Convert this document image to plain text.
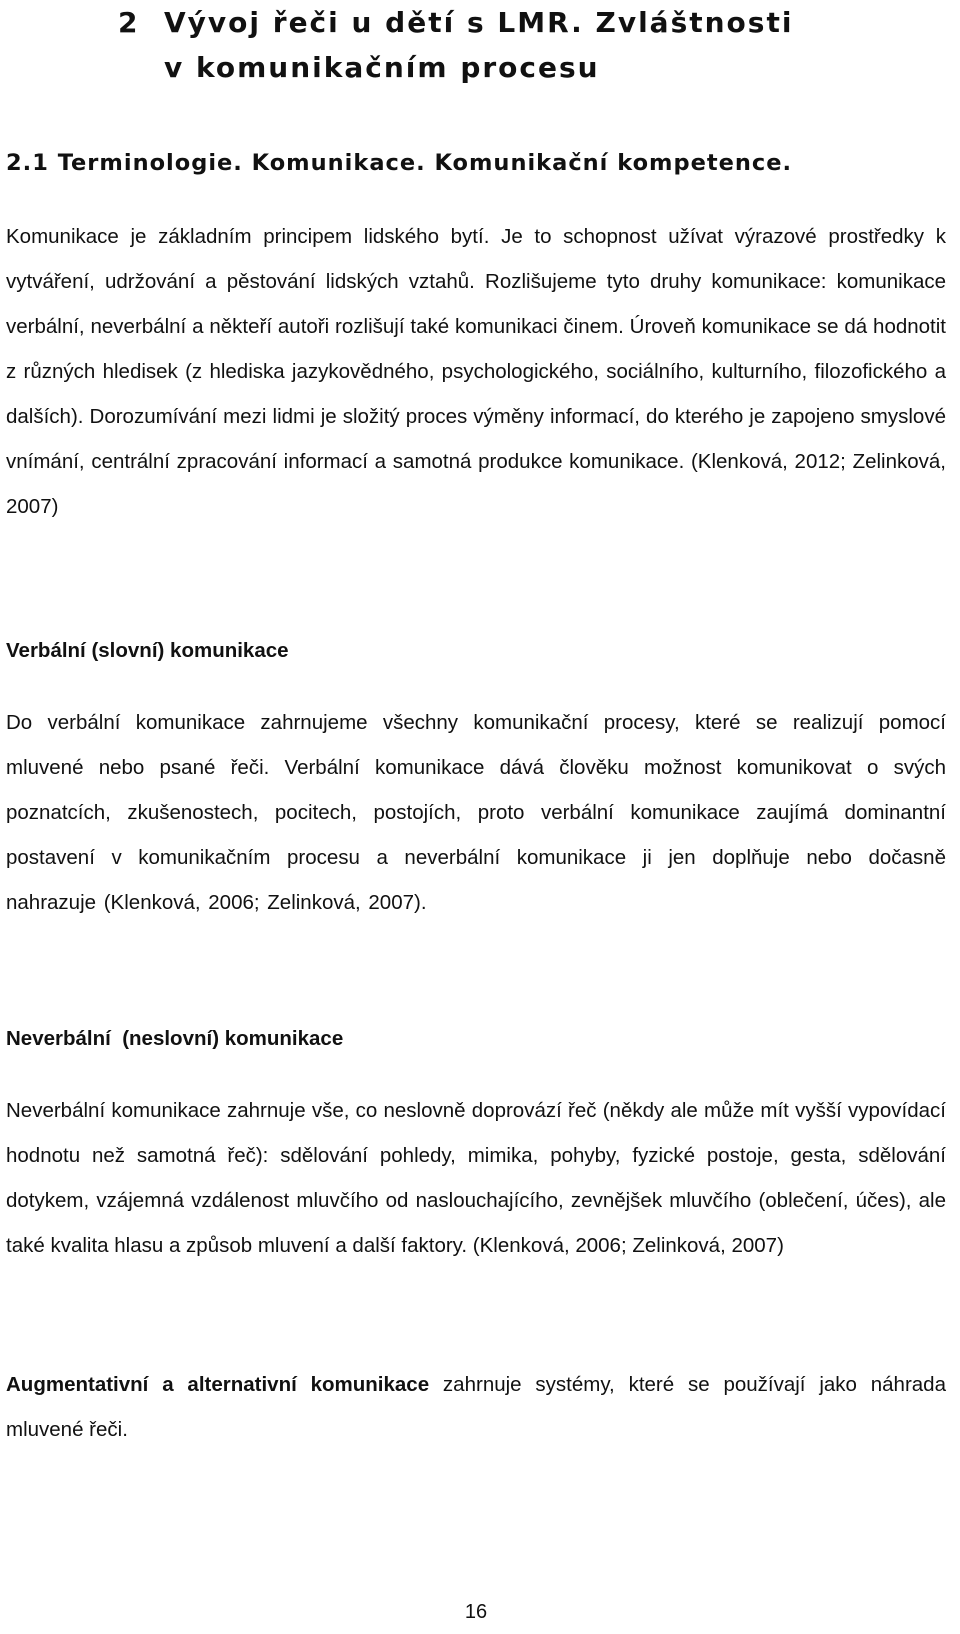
2 Vývoj řeči u dětí s LMR. Zvláštnosti
v komunikačním procesu
2.1 Terminologie. Komunikace. Komunikační kompetence.

Komunikace je základním principem lidského bytí. Je to schopnost užívat výrazové prostředky k vytváření, udržování a pěstování lidských vztahů. Rozlišujeme tyto druhy komunikace: komunikace verbální, neverbální a někteří autoři rozlišují také komunikaci činem. Úroveň komunikace se dá hodnotit z různých hledisek (z hlediska jazykovědného, psychologického, sociálního, kulturního, filozofického a dalších). Dorozumívání mezi lidmi je složitý proces výměny informací, do kterého je zapojeno smyslové vnímání, centrální zpracování informací a samotná produkce komunikace. (Klenková, 2012; Zelinková, 2007)

Verbální (slovní) komunikace

Do verbální komunikace zahrnujeme všechny komunikační procesy, které se realizují pomocí mluvené nebo psané řeči. Verbální komunikace dává člověku možnost komunikovat o svých poznatcích, zkušenostech, pocitech, postojích, proto verbální komunikace zaujímá dominantní postavení v komunikačním procesu a neverbální komunikace ji jen doplňuje nebo dočasně nahrazuje (Klenková, 2006; Zelinková, 2007).

Neverbální  (neslovní) komunikace

Neverbální komunikace zahrnuje vše, co neslovně doprovází řeč (někdy ale může mít vyšší vypovídací hodnotu než samotná řeč): sdělování pohledy, mimika, pohyby, fyzické postoje, gesta, sdělování dotykem, vzájemná vzdálenost mluvčího od naslouchajícího, zevnějšek mluvčího (oblečení, účes), ale také kvalita hlasu a způsob mluvení a další faktory. (Klenková, 2006; Zelinková, 2007)

Augmentativní a alternativní komunikace zahrnuje systémy, které se používají jako náhrada mluvené řeči.

16
